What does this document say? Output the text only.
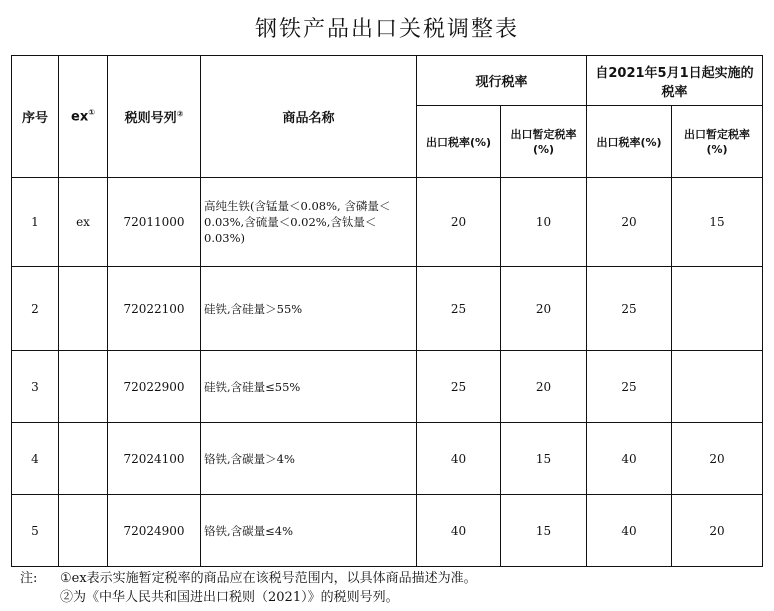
钢铁产品出口关税调整表
序号	ex①	税则号列②	商品名称	现行税率		自2021年5月1日起实施的税率	
				出口税率(%)	出口暂定税率(%)	出口税率(%)	出口暂定税率(%)
1	ex	72011000	高纯生铁(含锰量＜0.08%, 含磷量＜0.03%,含硫量＜0.02%,含钛量＜0.03%)	20	10	20	15
2		72022100	硅铁,含硅量＞55%	25	20	25	
3		72022900	硅铁,含硅量≤55%	25	20	25	
4		72024100	铬铁,含碳量＞4%	40	15	40	20
5		72024900	铬铁,含碳量≤4%	40	15	40	20
注: ①ex表示实施暂定税率的商品应在该税号范围内，以具体商品描述为准。
②为《中华人民共和国进出口税则（2021）》的税则号列。
